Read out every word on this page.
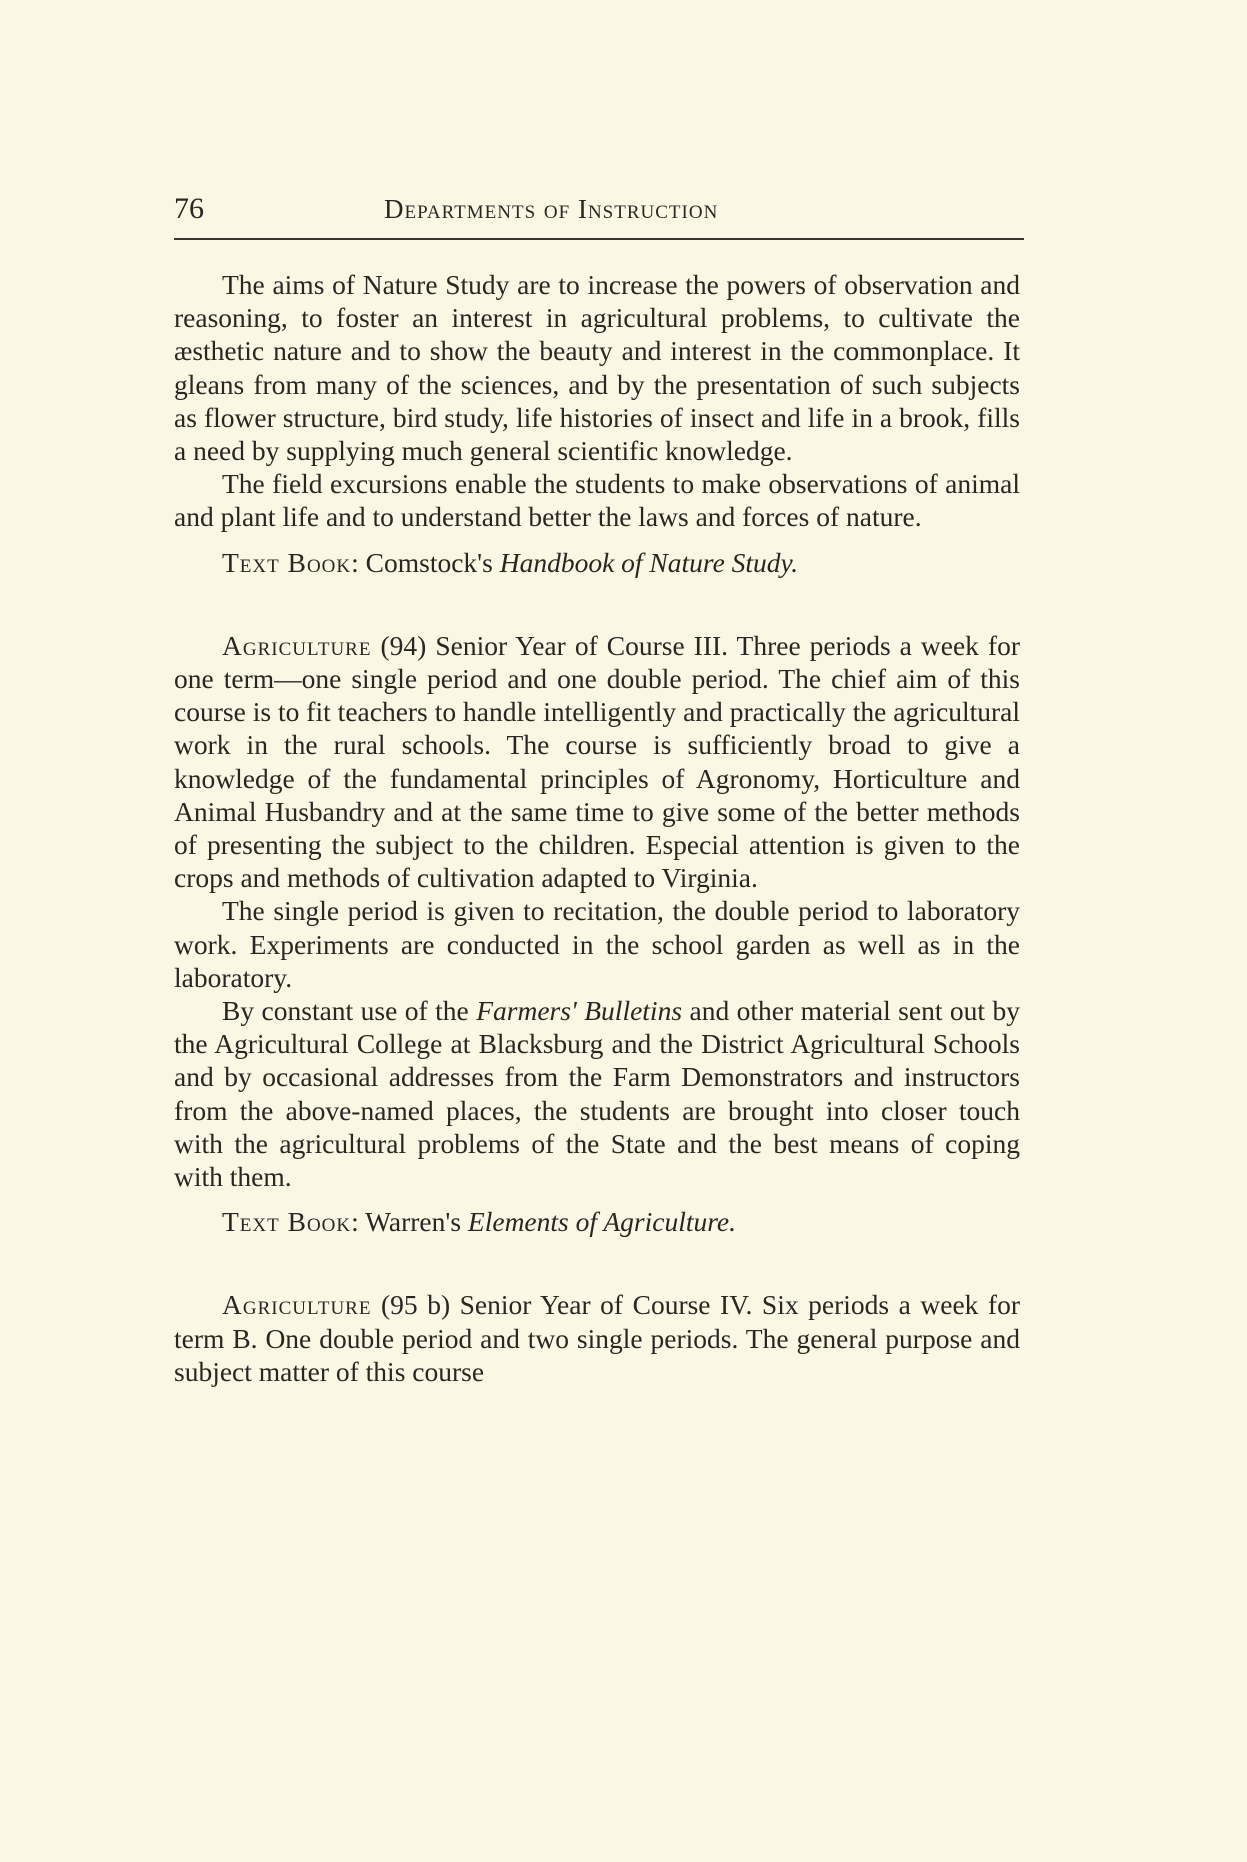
76	Departments of Instruction

The aims of Nature Study are to increase the powers of observation and reasoning, to foster an interest in agricultural problems, to cultivate the æsthetic nature and to show the beauty and interest in the commonplace. It gleans from many of the sciences, and by the presentation of such subjects as flower structure, bird study, life histories of insect and life in a brook, fills a need by supplying much general scientific knowledge.

The field excursions enable the students to make observations of animal and plant life and to understand better the laws and forces of nature.

Text Book: Comstock's Handbook of Nature Study.

Agriculture (94) Senior Year of Course III. Three periods a week for one term—one single period and one double period. The chief aim of this course is to fit teachers to handle intelligently and practically the agricultural work in the rural schools. The course is sufficiently broad to give a knowledge of the fundamental principles of Agronomy, Horticulture and Animal Husbandry and at the same time to give some of the better methods of presenting the subject to the children. Especial attention is given to the crops and methods of cultivation adapted to Virginia.

The single period is given to recitation, the double period to laboratory work. Experiments are conducted in the school garden as well as in the laboratory.

By constant use of the Farmers' Bulletins and other material sent out by the Agricultural College at Blacksburg and the District Agricultural Schools and by occasional addresses from the Farm Demonstrators and instructors from the above-named places, the students are brought into closer touch with the agricultural problems of the State and the best means of coping with them.

Text Book: Warren's Elements of Agriculture.

Agriculture (95 b) Senior Year of Course IV. Six periods a week for term B. One double period and two single periods. The general purpose and subject matter of this course
